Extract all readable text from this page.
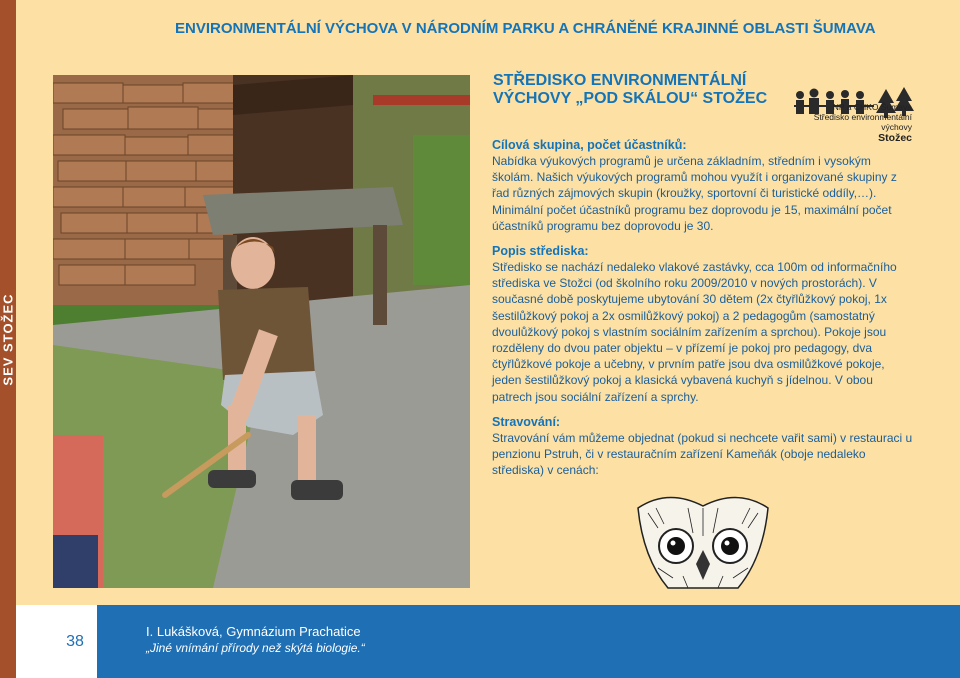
SEV STOŽEC
ENVIRONMENTÁLNÍ VÝCHOVA V NÁRODNÍM PARKU A CHRÁNĚNÉ KRAJINNÉ OBLASTI ŠUMAVA
STŘEDISKO ENVIRONMENTÁLNÍ
VÝCHOVY „POD SKÁLOU“ STOŽEC	NP a CHKO Šumava
Středisko environmentální výchovy
Stožec
Cílová skupina, počet účastníků:

Nabídka výukových programů je určena základním, středním i vysokým školám. Našich výukových programů mohou využít i organizované skupiny z řad různých zájmových skupin (kroužky, sportovní či turistické oddíly,…). Minimální počet účastníků programu bez doprovodu je 15, maximální počet účastníků programu bez doprovodu je 30.

Popis střediska:

Středisko se nachází nedaleko vlakové zastávky, cca 100m od informačního střediska ve Stožci (od školního roku 2009/2010 v nových prostorách). V současné době poskytujeme ubytování 30 dětem (2x čtyřlůžkový pokoj, 1x šestilůžkový pokoj a 2x osmilůžkový pokoj) a 2 pedagogům (samostatný dvoulůžkový pokoj s vlastním sociálním zařízením a sprchou). Pokoje jsou rozděleny do dvou pater objektu – v přízemí je pokoj pro pedagogy, dva čtyřlůžkové pokoje a učebny, v prvním patře jsou dva osmilůžkové pokoje, jeden šestilůžkový pokoj a klasická vybavená kuchyň s jídelnou. V obou patrech jsou sociální zařízení a sprchy.

Stravování:

Stravování vám můžeme objednat (pokud si nechcete vařit sami) v restauraci u penzionu Pstruh, či v restauračním zařízení Kameňák (oboje nedaleko střediska) v cenách:

38
I. Lukášková, Gymnázium Prachatice
„Jiné vnímání přírody než skýtá biologie.“
